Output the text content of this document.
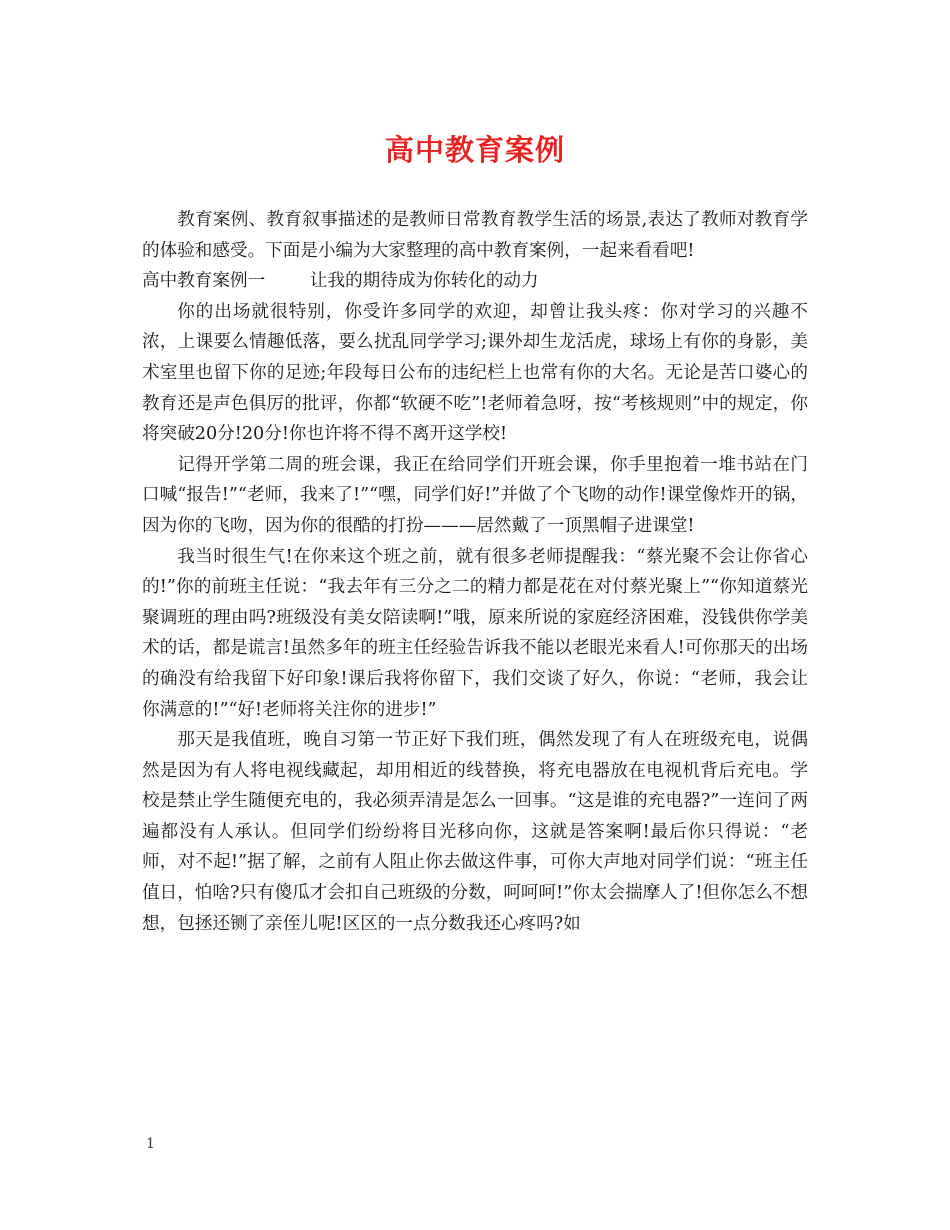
高中教育案例

教育案例、教育叙事描述的是教师日常教育教学生活的场景,表达了教师对教育学的体验和感受。下面是小编为大家整理的高中教育案例，一起来看看吧!

高中教育案例一        让我的期待成为你转化的动力

你的出场就很特别，你受许多同学的欢迎，却曾让我头疼：你对学习的兴趣不浓，上课要么情趣低落，要么扰乱同学学习;课外却生龙活虎，球场上有你的身影，美术室里也留下你的足迹;年段每日公布的违纪栏上也常有你的大名。无论是苦口婆心的教育还是声色俱厉的批评，你都“软硬不吃”!老师着急呀，按“考核规则”中的规定，你将突破20分!20分!你也许将不得不离开这学校!

记得开学第二周的班会课，我正在给同学们开班会课，你手里抱着一堆书站在门口喊“报告!”“老师，我来了!”“嘿，同学们好!”并做了个飞吻的动作!课堂像炸开的锅，因为你的飞吻，因为你的很酷的打扮———居然戴了一顶黑帽子进课堂!

我当时很生气!在你来这个班之前，就有很多老师提醒我：“蔡光聚不会让你省心的!”你的前班主任说：“我去年有三分之二的精力都是花在对付蔡光聚上”“你知道蔡光聚调班的理由吗?班级没有美女陪读啊!”哦，原来所说的家庭经济困难，没钱供你学美术的话，都是谎言!虽然多年的班主任经验告诉我不能以老眼光来看人!可你那天的出场的确没有给我留下好印象!课后我将你留下，我们交谈了好久，你说：“老师，我会让你满意的!”“好!老师将关注你的进步!”

那天是我值班，晚自习第一节正好下我们班，偶然发现了有人在班级充电，说偶然是因为有人将电视线藏起，却用相近的线替换，将充电器放在电视机背后充电。学校是禁止学生随便充电的，我必须弄清是怎么一回事。“这是谁的充电器?”一连问了两遍都没有人承认。但同学们纷纷将目光移向你，这就是答案啊!最后你只得说：“老师，对不起!”据了解，之前有人阻止你去做这件事，可你大声地对同学们说：“班主任值日，怕啥?只有傻瓜才会扣自己班级的分数，呵呵呵!”你太会揣摩人了!但你怎么不想想，包拯还铡了亲侄儿呢!区区的一点分数我还心疼吗?如

1
